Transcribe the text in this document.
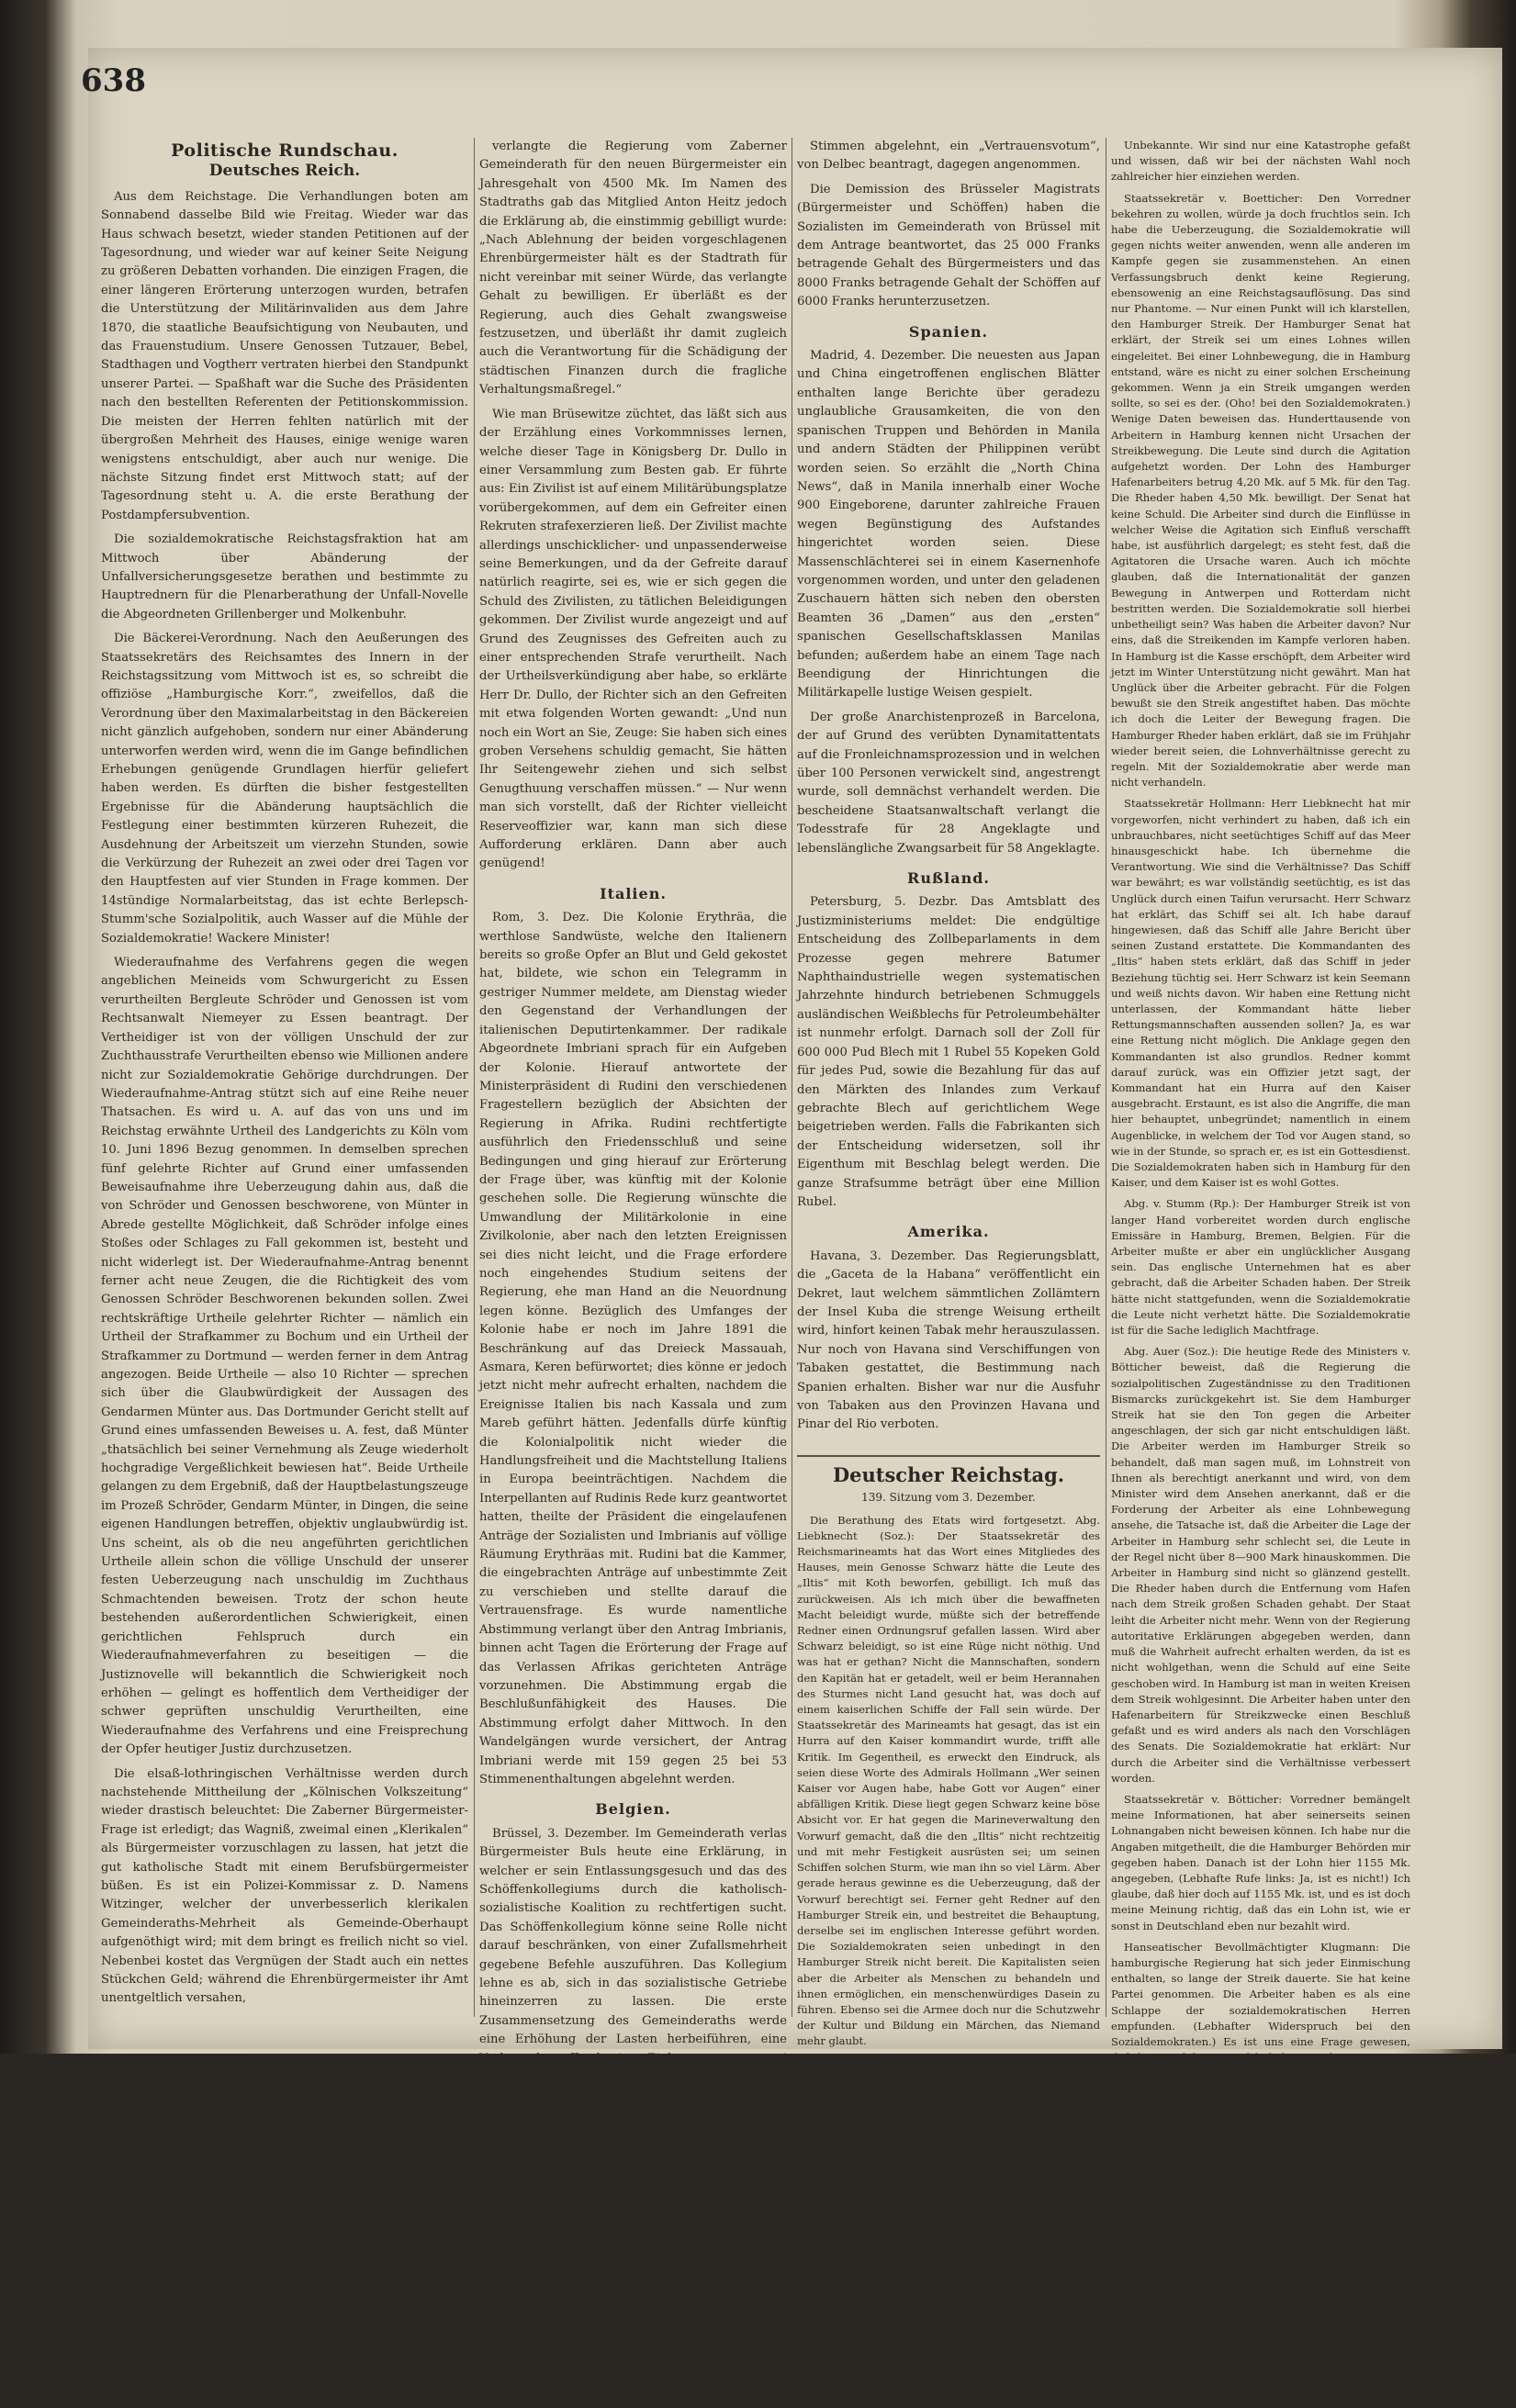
638
Politische Rundschau.
Deutsches Reich.

Aus dem Reichstage. Die Verhandlungen boten am Sonnabend dasselbe Bild wie Freitag. Wieder war das Haus schwach besetzt, wieder standen Petitionen auf der Tagesordnung, und wieder war auf keiner Seite Neigung zu größeren Debatten vorhanden. Die einzigen Fragen, die einer längeren Erörterung unterzogen wurden, betrafen die Unterstützung der Militärinvaliden aus dem Jahre 1870, die staatliche Beaufsichtigung von Neubauten, und das Frauenstudium. Unsere Genossen Tutzauer, Bebel, Stadthagen und Vogtherr vertraten hierbei den Standpunkt unserer Partei. — Spaßhaft war die Suche des Präsidenten nach den bestellten Referenten der Petitionskommission. Die meisten der Herren fehlten natürlich mit der übergroßen Mehrheit des Hauses, einige wenige waren wenigstens entschuldigt, aber auch nur wenige. Die nächste Sitzung findet erst Mittwoch statt; auf der Tagesordnung steht u. A. die erste Berathung der Postdampfersubvention.

Die sozialdemokratische Reichstagsfraktion hat am Mittwoch über Abänderung der Unfallversicherungsgesetze berathen und bestimmte zu Hauptrednern für die Plenarberathung der Unfall-Novelle die Abgeordneten Grillenberger und Molkenbuhr.

Die Bäckerei-Verordnung. Nach den Aeußerungen des Staatssekretärs des Reichsamtes des Innern in der Reichstagssitzung vom Mittwoch ist es, so schreibt die offiziöse „Hamburgische Korr.“, zweifellos, daß die Verordnung über den Maximalarbeitstag in den Bäckereien nicht gänzlich aufgehoben, sondern nur einer Abänderung unterworfen werden wird, wenn die im Gange befindlichen Erhebungen genügende Grundlagen hierfür geliefert haben werden. Es dürften die bisher festgestellten Ergebnisse für die Abänderung hauptsächlich die Festlegung einer bestimmten kürzeren Ruhezeit, die Ausdehnung der Arbeitszeit um vierzehn Stunden, sowie die Verkürzung der Ruhezeit an zwei oder drei Tagen vor den Hauptfesten auf vier Stunden in Frage kommen. Der 14stündige Normalarbeitstag, das ist echte Berlepsch-Stumm'sche Sozialpolitik, auch Wasser auf die Mühle der Sozialdemokratie! Wackere Minister!

Wiederaufnahme des Verfahrens gegen die wegen angeblichen Meineids vom Schwurgericht zu Essen verurtheilten Bergleute Schröder und Genossen ist vom Rechtsanwalt Niemeyer zu Essen beantragt. Der Vertheidiger ist von der völligen Unschuld der zur Zuchthausstrafe Verurtheilten ebenso wie Millionen andere nicht zur Sozialdemokratie Gehörige durchdrungen. Der Wiederaufnahme-Antrag stützt sich auf eine Reihe neuer Thatsachen. Es wird u. A. auf das von uns und im Reichstag erwähnte Urtheil des Landgerichts zu Köln vom 10. Juni 1896 Bezug genommen. In demselben sprechen fünf gelehrte Richter auf Grund einer umfassenden Beweisaufnahme ihre Ueberzeugung dahin aus, daß die von Schröder und Genossen beschworene, von Münter in Abrede gestellte Möglichkeit, daß Schröder infolge eines Stoßes oder Schlages zu Fall gekommen ist, besteht und nicht widerlegt ist. Der Wiederaufnahme-Antrag benennt ferner acht neue Zeugen, die die Richtigkeit des vom Genossen Schröder Beschworenen bekunden sollen. Zwei rechtskräftige Urtheile gelehrter Richter — nämlich ein Urtheil der Strafkammer zu Bochum und ein Urtheil der Strafkammer zu Dortmund — werden ferner in dem Antrag angezogen. Beide Urtheile — also 10 Richter — sprechen sich über die Glaubwürdigkeit der Aussagen des Gendarmen Münter aus. Das Dortmunder Gericht stellt auf Grund eines umfassenden Beweises u. A. fest, daß Münter „thatsächlich bei seiner Vernehmung als Zeuge wiederholt hochgradige Vergeßlichkeit bewiesen hat“. Beide Urtheile gelangen zu dem Ergebniß, daß der Hauptbelastungszeuge im Prozeß Schröder, Gendarm Münter, in Dingen, die seine eigenen Handlungen betreffen, objektiv unglaubwürdig ist. Uns scheint, als ob die neu angeführten gerichtlichen Urtheile allein schon die völlige Unschuld der unserer festen Ueberzeugung nach unschuldig im Zuchthaus Schmachtenden beweisen. Trotz der schon heute bestehenden außerordentlichen Schwierigkeit, einen gerichtlichen Fehlspruch durch ein Wiederaufnahmeverfahren zu beseitigen — die Justiznovelle will bekanntlich die Schwierigkeit noch erhöhen — gelingt es hoffentlich dem Vertheidiger der schwer geprüften unschuldig Verurtheilten, eine Wiederaufnahme des Verfahrens und eine Freisprechung der Opfer heutiger Justiz durchzusetzen.

Die elsaß-lothringischen Verhältnisse werden durch nachstehende Mittheilung der „Kölnischen Volkszeitung“ wieder drastisch beleuchtet: Die Zaberner Bürgermeister-Frage ist erledigt; das Wagniß, zweimal einen „Klerikalen“ als Bürgermeister vorzuschlagen zu lassen, hat jetzt die gut katholische Stadt mit einem Berufsbürgermeister büßen. Es ist ein Polizei-Kommissar z. D. Namens Witzinger, welcher der unverbesserlich klerikalen Gemeinderaths-Mehrheit als Gemeinde-Oberhaupt aufgenöthigt wird; mit dem bringt es freilich nicht so viel. Nebenbei kostet das Vergnügen der Stadt auch ein nettes Stückchen Geld; während die Ehrenbürgermeister ihr Amt unentgeltlich versahen,

verlangte die Regierung vom Zaberner Gemeinderath für den neuen Bürgermeister ein Jahresgehalt von 4500 Mk. Im Namen des Stadtraths gab das Mitglied Anton Heitz jedoch die Erklärung ab, die einstimmig gebilligt wurde: „Nach Ablehnung der beiden vorgeschlagenen Ehrenbürgermeister hält es der Stadtrath für nicht vereinbar mit seiner Würde, das verlangte Gehalt zu bewilligen. Er überläßt es der Regierung, auch dies Gehalt zwangsweise festzusetzen, und überläßt ihr damit zugleich auch die Verantwortung für die Schädigung der städtischen Finanzen durch die fragliche Verhaltungsmaßregel.“

Wie man Brüsewitze züchtet, das läßt sich aus der Erzählung eines Vorkommnisses lernen, welche dieser Tage in Königsberg Dr. Dullo in einer Versammlung zum Besten gab. Er führte aus: Ein Zivilist ist auf einem Militärübungsplatze vorübergekommen, auf dem ein Gefreiter einen Rekruten strafexerzieren ließ. Der Zivilist machte allerdings unschicklicher- und unpassenderweise seine Bemerkungen, und da der Gefreite darauf natürlich reagirte, sei es, wie er sich gegen die Schuld des Zivilisten, zu tätlichen Beleidigungen gekommen. Der Zivilist wurde angezeigt und auf Grund des Zeugnisses des Gefreiten auch zu einer entsprechenden Strafe verurtheilt. Nach der Urtheilsverkündigung aber habe, so erklärte Herr Dr. Dullo, der Richter sich an den Gefreiten mit etwa folgenden Worten gewandt: „Und nun noch ein Wort an Sie, Zeuge: Sie haben sich eines groben Versehens schuldig gemacht, Sie hätten Ihr Seitengewehr ziehen und sich selbst Genugthuung verschaffen müssen.“ — Nur wenn man sich vorstellt, daß der Richter vielleicht Reserveoffizier war, kann man sich diese Aufforderung erklären. Dann aber auch genügend!

Italien.

Rom, 3. Dez. Die Kolonie Erythräa, die werthlose Sandwüste, welche den Italienern bereits so große Opfer an Blut und Geld gekostet hat, bildete, wie schon ein Telegramm in gestriger Nummer meldete, am Dienstag wieder den Gegenstand der Verhandlungen der italienischen Deputirtenkammer. Der radikale Abgeordnete Imbriani sprach für ein Aufgeben der Kolonie. Hierauf antwortete der Ministerpräsident di Rudini den verschiedenen Fragestellern bezüglich der Absichten der Regierung in Afrika. Rudini rechtfertigte ausführlich den Friedensschluß und seine Bedingungen und ging hierauf zur Erörterung der Frage über, was künftig mit der Kolonie geschehen solle. Die Regierung wünschte die Umwandlung der Militärkolonie in eine Zivilkolonie, aber nach den letzten Ereignissen sei dies nicht leicht, und die Frage erfordere noch eingehendes Studium seitens der Regierung, ehe man Hand an die Neuordnung legen könne. Bezüglich des Umfanges der Kolonie habe er noch im Jahre 1891 die Beschränkung auf das Dreieck Massauah, Asmara, Keren befürwortet; dies könne er jedoch jetzt nicht mehr aufrecht erhalten, nachdem die Ereignisse Italien bis nach Kassala und zum Mareb geführt hätten. Jedenfalls dürfe künftig die Kolonialpolitik nicht wieder die Handlungsfreiheit und die Machtstellung Italiens in Europa beeinträchtigen. Nachdem die Interpellanten auf Rudinis Rede kurz geantwortet hatten, theilte der Präsident die eingelaufenen Anträge der Sozialisten und Imbrianis auf völlige Räumung Erythräas mit. Rudini bat die Kammer, die eingebrachten Anträge auf unbestimmte Zeit zu verschieben und stellte darauf die Vertrauensfrage. Es wurde namentliche Abstimmung verlangt über den Antrag Imbrianis, binnen acht Tagen die Erörterung der Frage auf das Verlassen Afrikas gerichteten Anträge vorzunehmen. Die Abstimmung ergab die Beschlußunfähigkeit des Hauses. Die Abstimmung erfolgt daher Mittwoch. In den Wandelgängen wurde versichert, der Antrag Imbriani werde mit 159 gegen 25 bei 53 Stimmenenthaltungen abgelehnt werden.

Belgien.

Brüssel, 3. Dezember. Im Gemeinderath verlas Bürgermeister Buls heute eine Erklärung, in welcher er sein Entlassungsgesuch und das des Schöffenkollegiums durch die katholisch-sozialistische Koalition zu rechtfertigen sucht. Das Schöffenkollegium könne seine Rolle nicht darauf beschränken, von einer Zufallsmehrheit gegebene Befehle auszuführen. Das Kollegium lehne es ab, sich in das sozialistische Getriebe hineinzerren zu lassen. Die erste Zusammensetzung des Gemeinderaths werde eine Erhöhung der Lasten herbeiführen, eine Vorlage betreffend eine Einkommensteuer sei übrigens schon angekündigt. Die Jazr (Rechte) sucht nachzuweisen, daß die Entlassungsgesuch nicht durch ein Mißverständniß veranlaßt worden sei.

Brüssel, 5. Dezember. König Leopold will in dem Konflikte im Gemeinderath „vermitteln“, gelingt kein Kompromiß, so werde der Gemeinderath am Montag aufgelöst werden.

Die Interpellation des sozialistischen Abgeordneten Vandervelde bezüglich der Verhaftung der englischen Agitatoren in Antwerpen und ihrer Ausweisung gelangte gestern in der Kammer zur Diskussion. Eine von den Sozialisten vorgeschlagene Tagesordnung, der Regierung ein Tadelsvotum zu ertheilen, wurde mit 56 gegen 27

Stimmen abgelehnt, ein „Vertrauensvotum“, von Delbec beantragt, dagegen angenommen.

Die Demission des Brüsseler Magistrats (Bürgermeister und Schöffen) haben die Sozialisten im Gemeinderath von Brüssel mit dem Antrage beantwortet, das 25 000 Franks betragende Gehalt des Bürgermeisters und das 8000 Franks betragende Gehalt der Schöffen auf 6000 Franks herunterzusetzen.

Spanien.

Madrid, 4. Dezember. Die neuesten aus Japan und China eingetroffenen englischen Blätter enthalten lange Berichte über geradezu unglaubliche Grausamkeiten, die von den spanischen Truppen und Behörden in Manila und andern Städten der Philippinen verübt worden seien. So erzählt die „North China News“, daß in Manila innerhalb einer Woche 900 Eingeborene, darunter zahlreiche Frauen wegen Begünstigung des Aufstandes hingerichtet worden seien. Diese Massenschlächterei sei in einem Kasernenhofe vorgenommen worden, und unter den geladenen Zuschauern hätten sich neben den obersten Beamten 36 „Damen“ aus den „ersten“ spanischen Gesellschaftsklassen Manilas befunden; außerdem habe an einem Tage nach Beendigung der Hinrichtungen die Militärkapelle lustige Weisen gespielt.

Der große Anarchistenprozeß in Barcelona, der auf Grund des verübten Dynamitattentats auf die Fronleichnamsprozession und in welchen über 100 Personen verwickelt sind, angestrengt wurde, soll demnächst verhandelt werden. Die bescheidene Staatsanwaltschaft verlangt die Todesstrafe für 28 Angeklagte und lebenslängliche Zwangsarbeit für 58 Angeklagte.

Rußland.

Petersburg, 5. Dezbr. Das Amtsblatt des Justizministeriums meldet: Die endgültige Entscheidung des Zollbeparlaments in dem Prozesse gegen mehrere Batumer Naphthaindustrielle wegen systematischen Jahrzehnte hindurch betriebenen Schmuggels ausländischen Weißblechs für Petroleumbehälter ist nunmehr erfolgt. Darnach soll der Zoll für 600 000 Pud Blech mit 1 Rubel 55 Kopeken Gold für jedes Pud, sowie die Bezahlung für das auf den Märkten des Inlandes zum Verkauf gebrachte Blech auf gerichtlichem Wege beigetrieben werden. Falls die Fabrikanten sich der Entscheidung widersetzen, soll ihr Eigenthum mit Beschlag belegt werden. Die ganze Strafsumme beträgt über eine Million Rubel.

Amerika.

Havana, 3. Dezember. Das Regierungsblatt, die „Gaceta de la Habana“ veröffentlicht ein Dekret, laut welchem sämmtlichen Zollämtern der Insel Kuba die strenge Weisung ertheilt wird, hinfort keinen Tabak mehr herauszulassen. Nur noch von Havana sind Verschiffungen von Tabaken gestattet, die Bestimmung nach Spanien erhalten. Bisher war nur die Ausfuhr von Tabaken aus den Provinzen Havana und Pinar del Rio verboten.

Deutscher Reichstag.
139. Sitzung vom 3. Dezember.

Die Berathung des Etats wird fortgesetzt. Abg. Liebknecht (Soz.): Der Staatssekretär des Reichsmarineamts hat das Wort eines Mitgliedes des Hauses, mein Genosse Schwarz hätte die Leute des „Iltis“ mit Koth beworfen, gebilligt. Ich muß das zurückweisen. Als ich mich über die bewaffneten Macht beleidigt wurde, müßte sich der betreffende Redner einen Ordnungsruf gefallen lassen. Wird aber Schwarz beleidigt, so ist eine Rüge nicht nöthig. Und was hat er gethan? Nicht die Mannschaften, sondern den Kapitän hat er getadelt, weil er beim Herannahen des Sturmes nicht Land gesucht hat, was doch auf einem kaiserlichen Schiffe der Fall sein würde. Der Staatssekretär des Marineamts hat gesagt, das ist ein Hurra auf den Kaiser kommandirt wurde, trifft alle Kritik. Im Gegentheil, es erweckt den Eindruck, als seien diese Worte des Admirals Hollmann „Wer seinen Kaiser vor Augen habe, habe Gott vor Augen“ einer abfälligen Kritik. Diese liegt gegen Schwarz keine böse Absicht vor. Er hat gegen die Marineverwaltung den Vorwurf gemacht, daß die den „Iltis“ nicht rechtzeitig und mit mehr Festigkeit ausrüsten sei; um seinen Schiffen solchen Sturm, wie man ihn so viel Lärm. Aber gerade heraus gewinne es die Ueberzeugung, daß der Vorwurf berechtigt sei. Ferner geht Redner auf den Hamburger Streik ein, und bestreitet die Behauptung, derselbe sei im englischen Interesse geführt worden. Die Sozialdemokraten seien unbedingt in den Hamburger Streik nicht bereit. Die Kapitalisten seien aber die Arbeiter als Menschen zu behandeln und ihnen ermöglichen, ein menschenwürdiges Dasein zu führen. Ebenso sei die Armee doch nur die Schutzwehr der Kultur und Bildung ein Märchen, das Niemand mehr glaubt.

In Frankreich sei im letzten Jahre für Kulturzwecke aufgewendet worden. Schon ein Etat des deutschen Reiches zeigte diesen Charakter aus. Der Marine-Etat sei ein Marine-Etat. Damals hätten die Ausgaben für das Heer 269 Millionen, die Marine 11 Millionen betragen, jetzt seien im Ordinarium allein 58 Millionen. Diese Zahlen seien ein Beweis für den Militarismus, wie z. B. das der Schweiz, bei der Armee Mittel für Unterricht und Kultur so vieles Sparsamkeit ganz entschieden, er sagt: „Das Reich ist für Kulturzwecke alles nur erledigt sei.“

Der Präsident hat die Redner gerügt, seine Ausführungen sollen nicht zur Ordnung zu rufen sein. Ich meine, in seinem eigenen Hause sei der Reichstag Herr. Die Verfassung dürfe nicht verletzt werden. Wir werden das Reichstagsrecht wahren. Ferner kommt Redner auf die Rede des Kaisers in Breslau zu sprechen; er sagt, der Reichstag habe die Zustände nicht gut sein: „Des Reichstags unwürdige Zustände“ — Redner ruft: Das hat der Kaiser gesagt! Ja! Man stelle sich hinter den vermuthlich leitenden Geist. Es geht, es geht: Vollampf voraus ins

Unbekannte. Wir sind nur eine Katastrophe gefaßt und wissen, daß wir bei der nächsten Wahl noch zahlreicher hier einziehen werden.

Staatssekretär v. Boetticher: Den Vorredner bekehren zu wollen, würde ja doch fruchtlos sein. Ich habe die Ueberzeugung, die Sozialdemokratie will gegen nichts weiter anwenden, wenn alle anderen im Kampfe gegen sie zusammenstehen. An einen Verfassungsbruch denkt keine Regierung, ebensowenig an eine Reichstagsauflösung. Das sind nur Phantome. — Nur einen Punkt will ich klarstellen, den Hamburger Streik. Der Hamburger Senat hat erklärt, der Streik sei um eines Lohnes willen eingeleitet. Bei einer Lohnbewegung, die in Hamburg entstand, wäre es nicht zu einer solchen Erscheinung gekommen. Wenn ja ein Streik umgangen werden sollte, so sei es der. (Oho! bei den Sozialdemokraten.) Wenige Daten beweisen das. Hunderttausende von Arbeitern in Hamburg kennen nicht Ursachen der Streikbewegung. Die Leute sind durch die Agitation aufgehetzt worden. Der Lohn des Hamburger Hafenarbeiters betrug 4,20 Mk. auf 5 Mk. für den Tag. Die Rheder haben 4,50 Mk. bewilligt. Der Senat hat keine Schuld. Die Arbeiter sind durch die Einflüsse in welcher Weise die Agitation sich Einfluß verschafft habe, ist ausführlich dargelegt; es steht fest, daß die Agitatoren die Ursache waren. Auch ich möchte glauben, daß die Internationalität der ganzen Bewegung in Antwerpen und Rotterdam nicht bestritten werden. Die Sozialdemokratie soll hierbei unbetheiligt sein? Was haben die Arbeiter davon? Nur eins, daß die Streikenden im Kampfe verloren haben. In Hamburg ist die Kasse erschöpft, dem Arbeiter wird jetzt im Winter Unterstützung nicht gewährt. Man hat Unglück über die Arbeiter gebracht. Für die Folgen bewußt sie den Streik angestiftet haben. Das möchte ich doch die Leiter der Bewegung fragen. Die Hamburger Rheder haben erklärt, daß sie im Frühjahr wieder bereit seien, die Lohnverhältnisse gerecht zu regeln. Mit der Sozialdemokratie aber werde man nicht verhandeln.

Staatssekretär Hollmann: Herr Liebknecht hat mir vorgeworfen, nicht verhindert zu haben, daß ich ein unbrauchbares, nicht seetüchtiges Schiff auf das Meer hinausgeschickt habe. Ich übernehme die Verantwortung. Wie sind die Verhältnisse? Das Schiff war bewährt; es war vollständig seetüchtig, es ist das Unglück durch einen Taifun verursacht. Herr Schwarz hat erklärt, das Schiff sei alt. Ich habe darauf hingewiesen, daß das Schiff alle Jahre Bericht über seinen Zustand erstattete. Die Kommandanten des „Iltis“ haben stets erklärt, daß das Schiff in jeder Beziehung tüchtig sei. Herr Schwarz ist kein Seemann und weiß nichts davon. Wir haben eine Rettung nicht unterlassen, der Kommandant hätte lieber Rettungsmannschaften aussenden sollen? Ja, es war eine Rettung nicht möglich. Die Anklage gegen den Kommandanten ist also grundlos. Redner kommt darauf zurück, was ein Offizier jetzt sagt, der Kommandant hat ein Hurra auf den Kaiser ausgebracht. Erstaunt, es ist also die Angriffe, die man hier behauptet, unbegründet; namentlich in einem Augenblicke, in welchem der Tod vor Augen stand, so wie in der Stunde, so sprach er, es ist ein Gottesdienst. Die Sozialdemokraten haben sich in Hamburg für den Kaiser, und dem Kaiser ist es wohl Gottes.

Abg. v. Stumm (Rp.): Der Hamburger Streik ist von langer Hand vorbereitet worden durch englische Emissäre in Hamburg, Bremen, Belgien. Für die Arbeiter mußte er aber ein unglücklicher Ausgang sein. Das englische Unternehmen hat es aber gebracht, daß die Arbeiter Schaden haben. Der Streik hätte nicht stattgefunden, wenn die Sozialdemokratie die Leute nicht verhetzt hätte. Die Sozialdemokratie ist für die Sache lediglich Machtfrage.

Abg. Auer (Soz.): Die heutige Rede des Ministers v. Bötticher beweist, daß die Regierung die sozialpolitischen Zugeständnisse zu den Traditionen Bismarcks zurückgekehrt ist. Sie dem Hamburger Streik hat sie den Ton gegen die Arbeiter angeschlagen, der sich gar nicht entschuldigen läßt. Die Arbeiter werden im Hamburger Streik so behandelt, daß man sagen muß, im Lohnstreit von Ihnen als berechtigt anerkannt und wird, von dem Minister wird dem Ansehen anerkannt, daß er die Forderung der Arbeiter als eine Lohnbewegung ansehe, die Tatsache ist, daß die Arbeiter die Lage der Arbeiter in Hamburg sehr schlecht sei, die Leute in der Regel nicht über 8—900 Mark hinauskommen. Die Arbeiter in Hamburg sind nicht so glänzend gestellt. Die Rheder haben durch die Entfernung vom Hafen nach dem Streik großen Schaden gehabt. Der Staat leiht die Arbeiter nicht mehr. Wenn von der Regierung autoritative Erklärungen abgegeben werden, dann muß die Wahrheit aufrecht erhalten werden, da ist es nicht wohlgethan, wenn die Schuld auf eine Seite geschoben wird. In Hamburg ist man in weiten Kreisen dem Streik wohlgesinnt. Die Arbeiter haben unter den Hafenarbeitern für Streikzwecke einen Beschluß gefaßt und es wird anders als nach den Vorschlägen des Senats. Die Sozialdemokratie hat erklärt: Nur durch die Arbeiter sind die Verhältnisse verbessert worden.

Staatssekretär v. Bötticher: Vorredner bemängelt meine Informationen, hat aber seinerseits seinen Lohnangaben nicht beweisen können. Ich habe nur die Angaben mitgetheilt, die die Hamburger Behörden mir gegeben haben. Danach ist der Lohn hier 1155 Mk. angegeben, (Lebhafte Rufe links: Ja, ist es nicht!) Ich glaube, daß hier doch auf 1155 Mk. ist, und es ist doch meine Meinung richtig, daß das ein Lohn ist, wie er sonst in Deutschland eben nur bezahlt wird.

Hanseatischer Bevollmächtigter Klugmann: Die hamburgische Regierung hat sich jeder Einmischung enthalten, so lange der Streik dauerte. Sie hat keine Partei genommen. Die Arbeiter haben es als eine Schlappe der sozialdemokratischen Herren empfunden. (Lebhafter Widerspruch bei den Sozialdemokraten.) Es ist uns eine Frage gewesen, daß der Streik keinen Erfolg haben werde.

Nach weiteren Ausführungen Liebknecht's und Molkenbuhr's, welche für den Streik eintreten, wird die Debatte geschlossen. Das Haus vertagt sich auf Montag, Anfragen betreffend den Schutz der Arbeiter vor der Budgetkommission überwiesen.

Schluß der Sitzung.
